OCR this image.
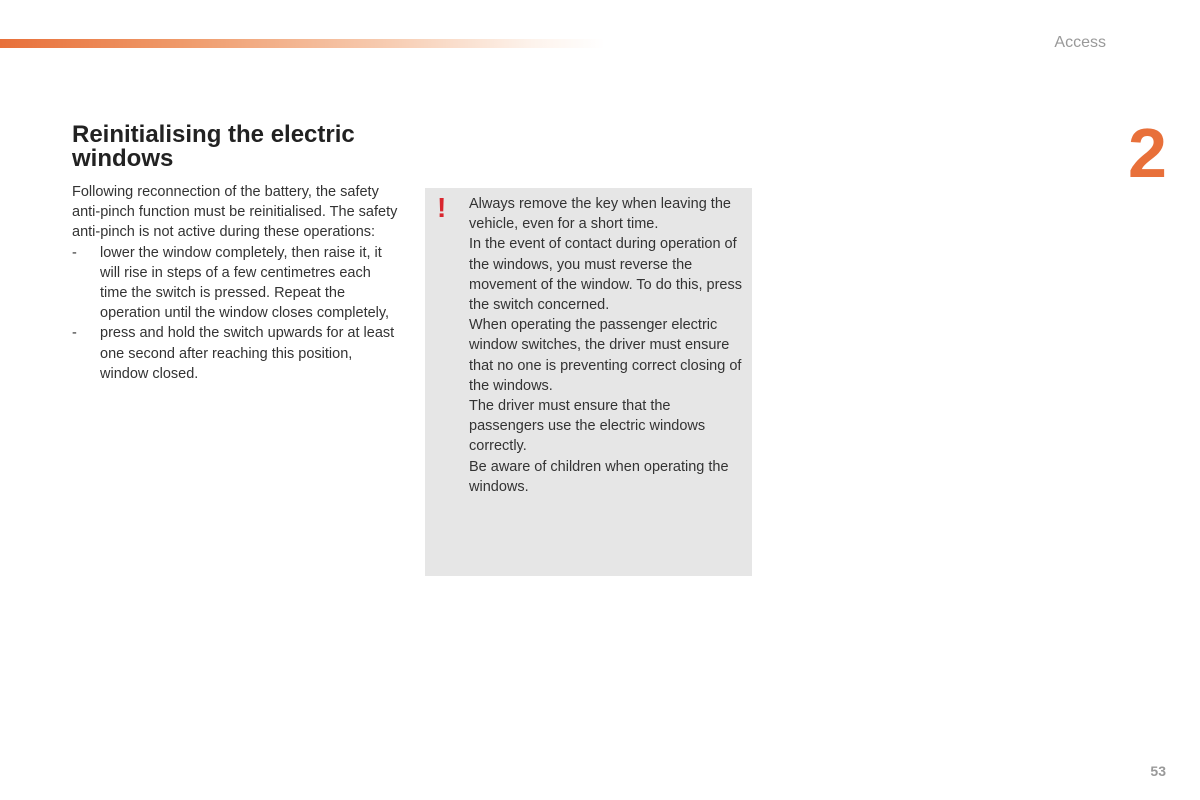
Access
2
Reinitialising the electric windows

Following reconnection of the battery, the safety anti-pinch function must be reinitialised. The safety anti-pinch is not active during these operations:

- lower the window completely, then raise it, it will rise in steps of a few centimetres each time the switch is pressed. Repeat the operation until the window closes completely,
- press and hold the switch upwards for at least one second after reaching this position, window closed.
! Always remove the key when leaving the vehicle, even for a short time.

In the event of contact during operation of the windows, you must reverse the movement of the window. To do this, press the switch concerned.

When operating the passenger electric window switches, the driver must ensure that no one is preventing correct closing of the windows.

The driver must ensure that the passengers use the electric windows correctly.

Be aware of children when operating the windows.

53
